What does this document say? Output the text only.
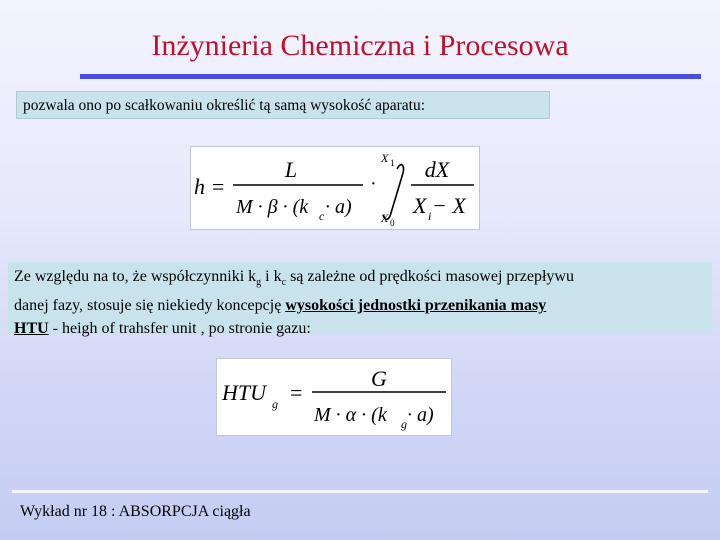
Inżynieria Chemiczna i Procesowa
pozwala ono po scałkowaniu określić tą samą wysokość aparatu:
h =
L
M · β · (k c · a)
·
X 1
X 0
dX
X i − X
Ze względu na to, że współczynniki $k_g$ i $k_c$ są zależne od prędkości masowej przepływu
danej fazy, stosuje się niekiedy koncepcję wysokości jednostki przenikania masy
HTU - heigh of trahsfer unit , po stronie gazu:
HTU g =
G
M · α · (k g · a)
Wykład nr 18 : ABSORPCJA ciągła
